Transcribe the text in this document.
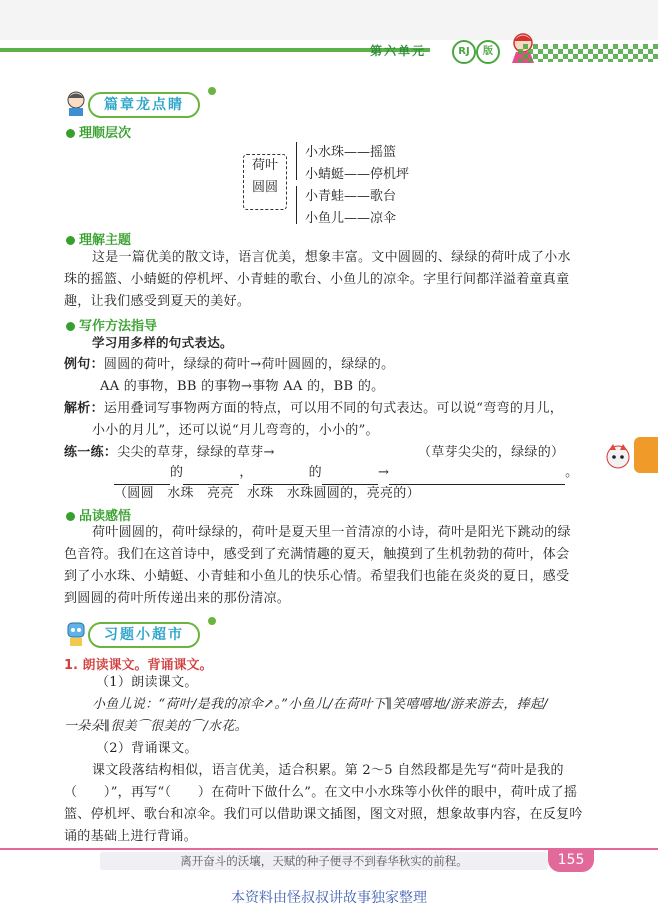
第六单元	RJ	版
篇章龙点睛
理顺层次
荷叶
圆圆
小水珠——摇篮
小蜻蜓——停机坪
小青蛙——歌台
小鱼儿——凉伞
理解主题
这是一篇优美的散文诗，语言优美，想象丰富。文中圆圆的、绿绿的荷叶成了小水
珠的摇篮、小蜻蜓的停机坪、小青蛙的歌台、小鱼儿的凉伞。字里行间都洋溢着童真童
趣，让我们感受到夏天的美好。
写作方法指导
学习用多样的句式表达。
例句：圆圆的荷叶，绿绿的荷叶→荷叶圆圆的，绿绿的。
AA 的事物，BB 的事物→事物 AA 的，BB 的。
解析：运用叠词写事物两方面的特点，可以用不同的句式表达。可以说“弯弯的月儿，
小小的月儿”，还可以说“月儿弯弯的，小小的”。
练一练：尖尖的草芽，绿绿的草芽→	（草芽尖尖的，绿绿的）
的	，	的	→	。
（圆圆　水珠　亮亮　水珠　水珠圆圆的，亮亮的）
品读感悟
荷叶圆圆的，荷叶绿绿的，荷叶是夏天里一首清凉的小诗，荷叶是阳光下跳动的绿
色音符。我们在这首诗中，感受到了充满情趣的夏天，触摸到了生机勃勃的荷叶，体会
到了小水珠、小蜻蜓、小青蛙和小鱼儿的快乐心情。希望我们也能在炎炎的夏日，感受
到圆圆的荷叶所传递出来的那份清凉。
习题小超市
1. 朗读课文。背诵课文。
（1）朗读课文。
小鱼儿说：“荷叶/是我的凉伞↗。”小鱼儿/在荷叶下∥笑嘻嘻地/游来游去，捧起/
一朵朵∥很美⌒很美的⌒/水花。
（2）背诵课文。
课文段落结构相似，语言优美，适合积累。第 2～5 自然段都是先写“荷叶是我的
（　　）”，再写“（　　）在荷叶下做什么”。在文中小水珠等小伙伴的眼中，荷叶成了摇
篮、停机坪、歌台和凉伞。我们可以借助课文插图，图文对照，想象故事内容，在反复吟
诵的基础上进行背诵。
离开奋斗的沃壤，天赋的种子便寻不到春华秋实的前程。	155
本资料由怪叔叔讲故事独家整理
